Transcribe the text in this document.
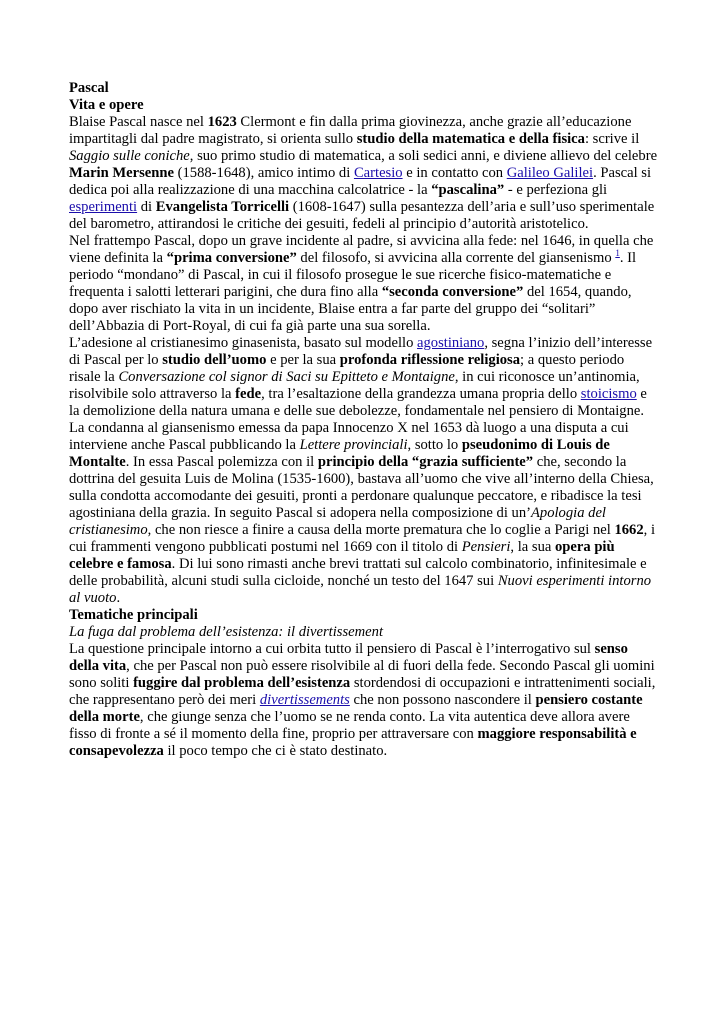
Pascal

Vita e opere

Blaise Pascal nasce nel 1623 Clermont e fin dalla prima giovinezza, anche grazie all’educazione impartitagli dal padre magistrato, si orienta sullo studio della matematica e della fisica: scrive il Saggio sulle coniche, suo primo studio di matematica, a soli sedici anni, e diviene allievo del celebre Marin Mersenne (1588-1648), amico intimo di Cartesio e in contatto con Galileo Galilei. Pascal si dedica poi alla realizzazione di una macchina calcolatrice - la “pascalina” - e perfeziona gli esperimenti di Evangelista Torricelli (1608-1647) sulla pesantezza dell’aria e sull’uso sperimentale del barometro, attirandosi le critiche dei gesuiti, fedeli al principio d’autorità aristotelico.

Nel frattempo Pascal, dopo un grave incidente al padre, si avvicina alla fede: nel 1646, in quella che viene definita la “prima conversione” del filosofo, si avvicina alla corrente del giansenismo $^1$. Il periodo “mondano” di Pascal, in cui il filosofo prosegue le sue ricerche fisico-matematiche e frequenta i salotti letterari parigini, che dura fino alla “seconda conversione” del 1654, quando, dopo aver rischiato la vita in un incidente, Blaise entra a far parte del gruppo dei “solitari” dell’Abbazia di Port-Royal, di cui fa già parte una sua sorella.

L’adesione al cristianesimo ginasenista, basato sul modello agostiniano, segna l’inizio dell’interesse di Pascal per lo studio dell’uomo e per la sua profonda riflessione religiosa; a questo periodo risale la Conversazione col signor di Saci su Epitteto e Montaigne, in cui riconosce un’antinomia, risolvibile solo attraverso la fede, tra l’esaltazione della grandezza umana propria dello stoicismo e la demolizione della natura umana e delle sue debolezze, fondamentale nel pensiero di Montaigne. La condanna al giansenismo emessa da papa Innocenzo X nel 1653 dà luogo a una disputa a cui interviene anche Pascal pubblicando la Lettere provinciali, sotto lo pseudonimo di Louis de Montalte. In essa Pascal polemizza con il principio della “grazia sufficiente” che, secondo la dottrina del gesuita Luis de Molina (1535-1600), bastava all’uomo che vive all’interno della Chiesa, sulla condotta accomodante dei gesuiti, pronti a perdonare qualunque peccatore, e ribadisce la tesi agostiniana della grazia. In seguito Pascal si adopera nella composizione di un’Apologia del cristianesimo, che non riesce a finire a causa della morte prematura che lo coglie a Parigi nel 1662, i cui frammenti vengono pubblicati postumi nel 1669 con il titolo di Pensieri, la sua opera più celebre e famosa. Di lui sono rimasti anche brevi trattati sul calcolo combinatorio, infinitesimale e delle probabilità, alcuni studi sulla cicloide, nonché un testo del 1647 sui Nuovi esperimenti intorno al vuoto.

Tematiche principali

La fuga dal problema dell’esistenza: il divertissement

La questione principale intorno a cui orbita tutto il pensiero di Pascal è l’interrogativo sul senso della vita, che per Pascal non può essere risolvibile al di fuori della fede. Secondo Pascal gli uomini sono soliti fuggire dal problema dell’esistenza stordendosi di occupazioni e intrattenimenti sociali, che rappresentano però dei meri divertissements che non possono nascondere il pensiero costante della morte, che giunge senza che l’uomo se ne renda conto. La vita autentica deve allora avere fisso di fronte a sé il momento della fine, proprio per attraversare con maggiore responsabilità e consapevolezza il poco tempo che ci è stato destinato.
